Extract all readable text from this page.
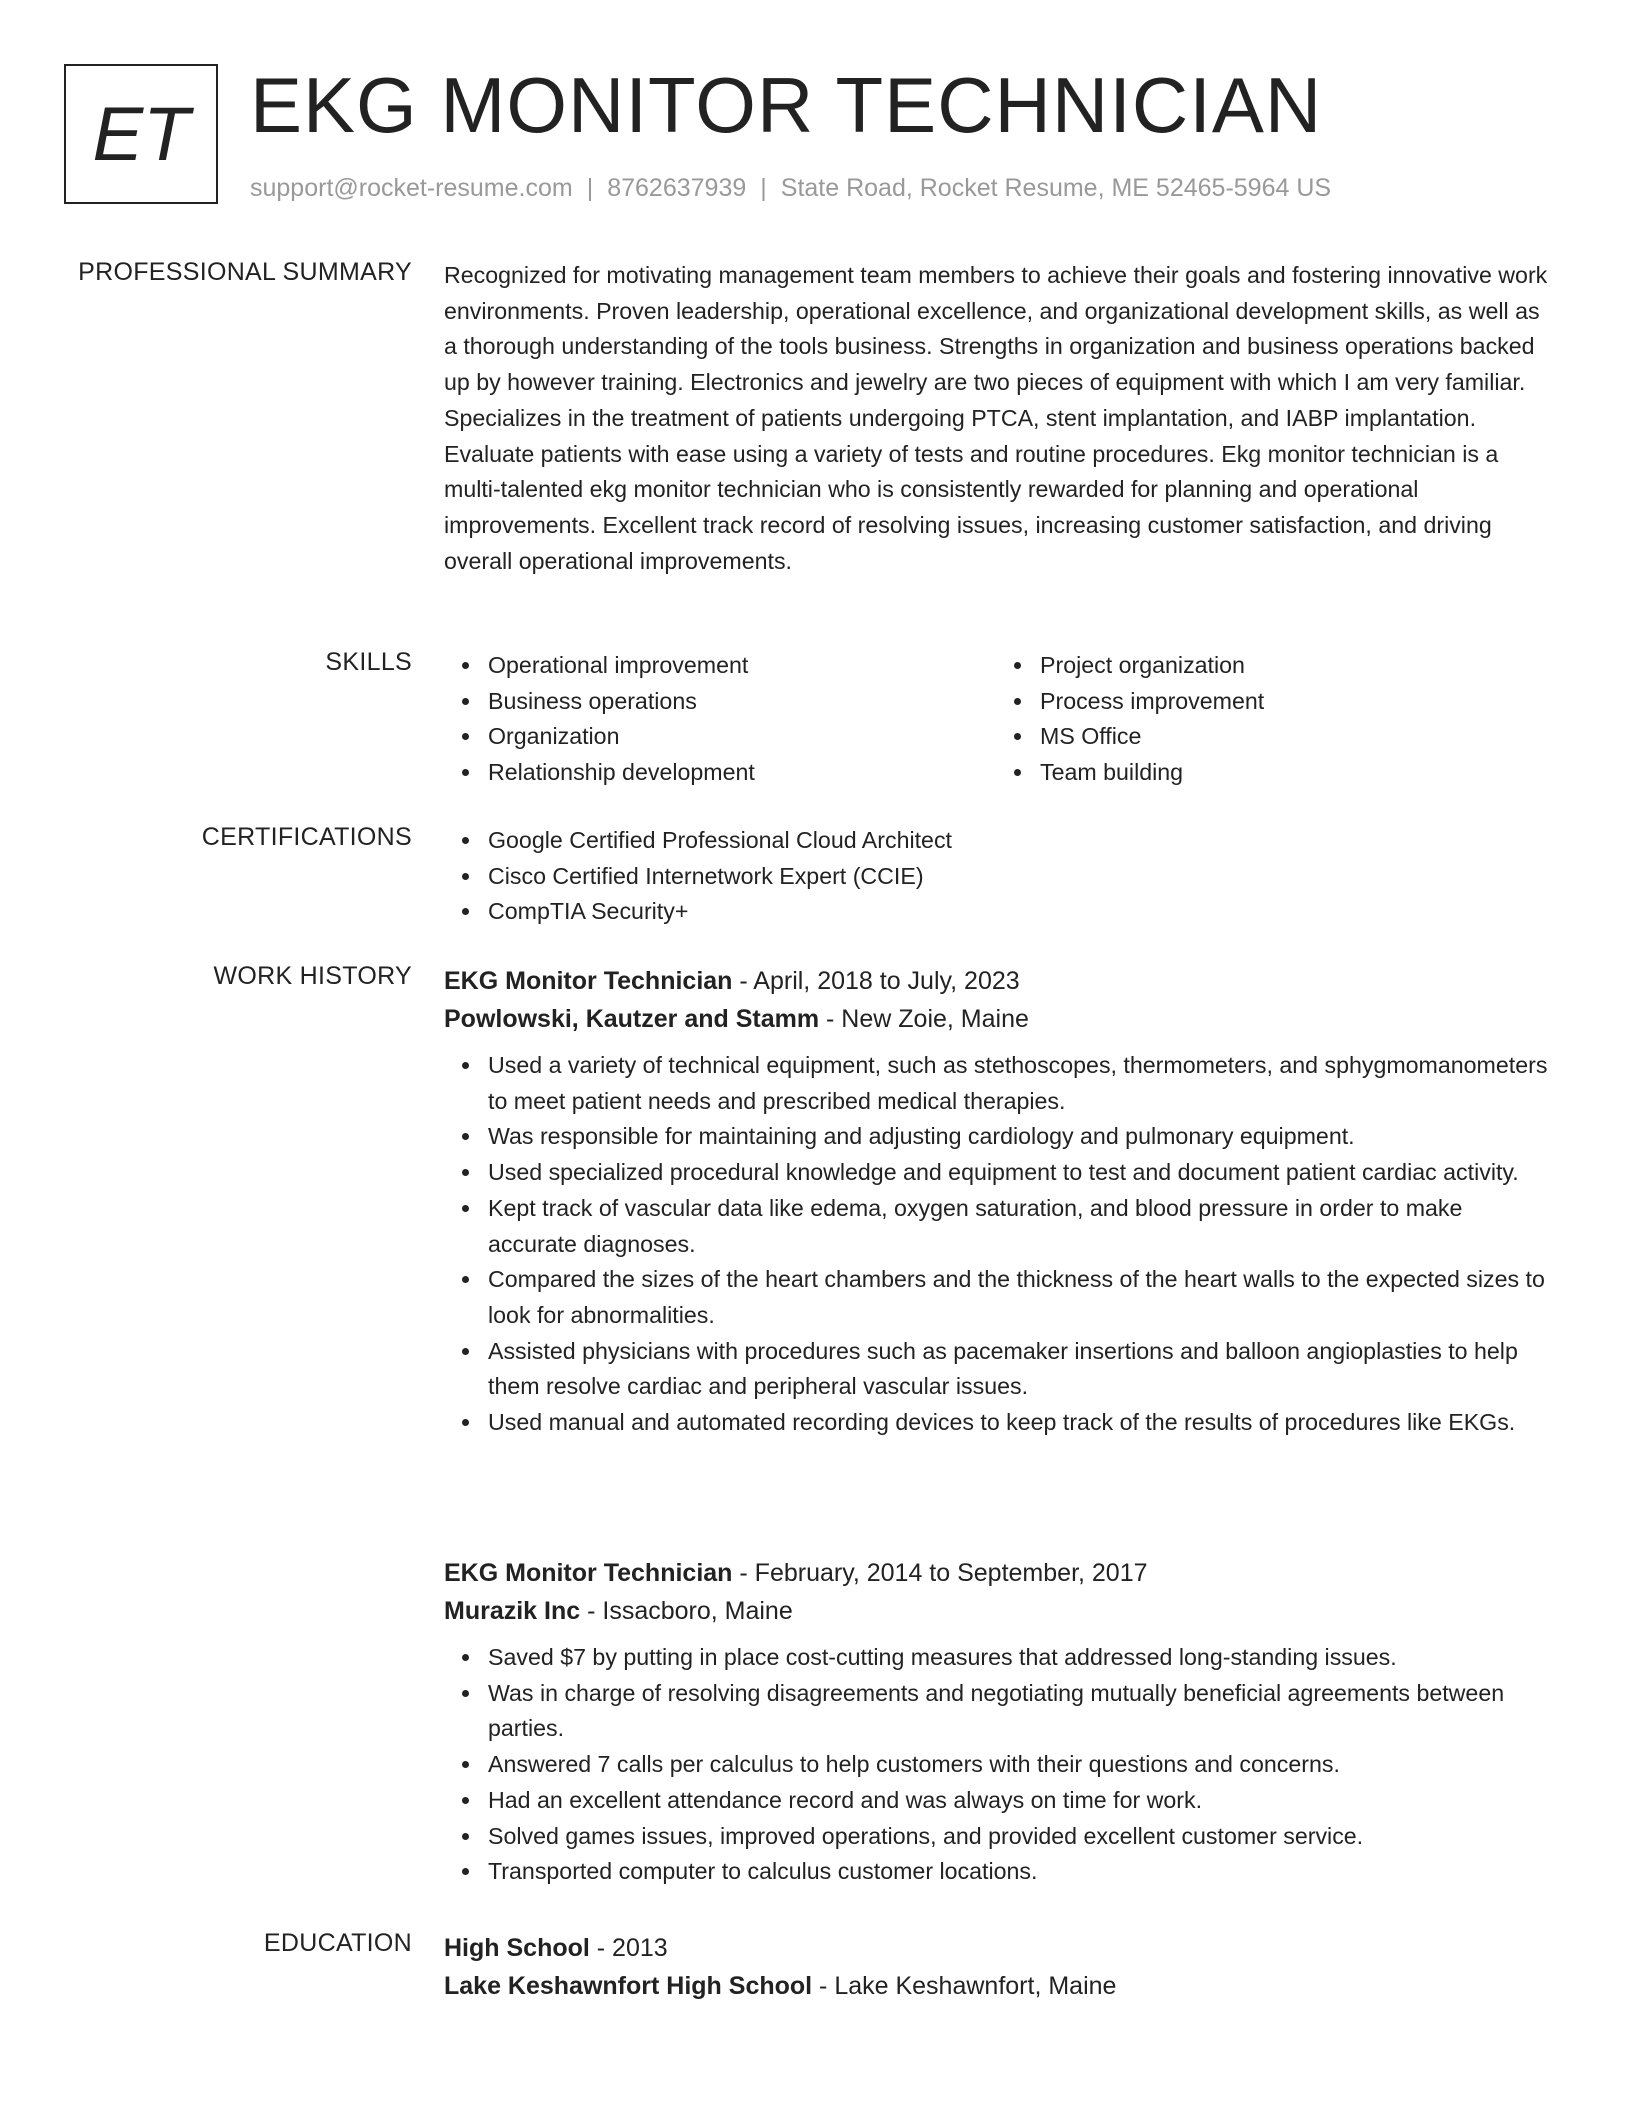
ET EKG MONITOR TECHNICIAN
support@rocket-resume.com | 8762637939 | State Road, Rocket Resume, ME 52465-5964 US
PROFESSIONAL SUMMARY Recognized for motivating management team members to achieve their goals and fostering innovative work environments. Proven leadership, operational excellence, and organizational development skills, as well as a thorough understanding of the tools business. Strengths in organization and business operations backed up by however training. Electronics and jewelry are two pieces of equipment with which I am very familiar. Specializes in the treatment of patients undergoing PTCA, stent implantation, and IABP implantation. Evaluate patients with ease using a variety of tests and routine procedures. Ekg monitor technician is a multi-talented ekg monitor technician who is consistently rewarded for planning and operational improvements. Excellent track record of resolving issues, increasing customer satisfaction, and driving overall operational improvements.

SKILLS	Operational improvement
Business operations
Organization
Relationship development
Project organization
Process improvement
MS Office
Team building
CERTIFICATIONS	Google Certified Professional Cloud Architect
Cisco Certified Internetwork Expert (CCIE)
CompTIA Security+
WORK HISTORY EKG Monitor Technician - April, 2018 to July, 2023
Powlowski, Kautzer and Stamm - New Zoie, Maine
Used a variety of technical equipment, such as stethoscopes, thermometers, and sphygmomanometers to meet patient needs and prescribed medical therapies.
Was responsible for maintaining and adjusting cardiology and pulmonary equipment.
Used specialized procedural knowledge and equipment to test and document patient cardiac activity.
Kept track of vascular data like edema, oxygen saturation, and blood pressure in order to make accurate diagnoses.
Compared the sizes of the heart chambers and the thickness of the heart walls to the expected sizes to look for abnormalities.
Assisted physicians with procedures such as pacemaker insertions and balloon angioplasties to help them resolve cardiac and peripheral vascular issues.
Used manual and automated recording devices to keep track of the results of procedures like EKGs.
EKG Monitor Technician - February, 2014 to September, 2017
Murazik Inc - Issacboro, Maine
Saved $7 by putting in place cost-cutting measures that addressed long-standing issues.
Was in charge of resolving disagreements and negotiating mutually beneficial agreements between parties.
Answered 7 calls per calculus to help customers with their questions and concerns.
Had an excellent attendance record and was always on time for work.
Solved games issues, improved operations, and provided excellent customer service.
Transported computer to calculus customer locations.
EDUCATION High School - 2013
Lake Keshawnfort High School - Lake Keshawnfort, Maine
